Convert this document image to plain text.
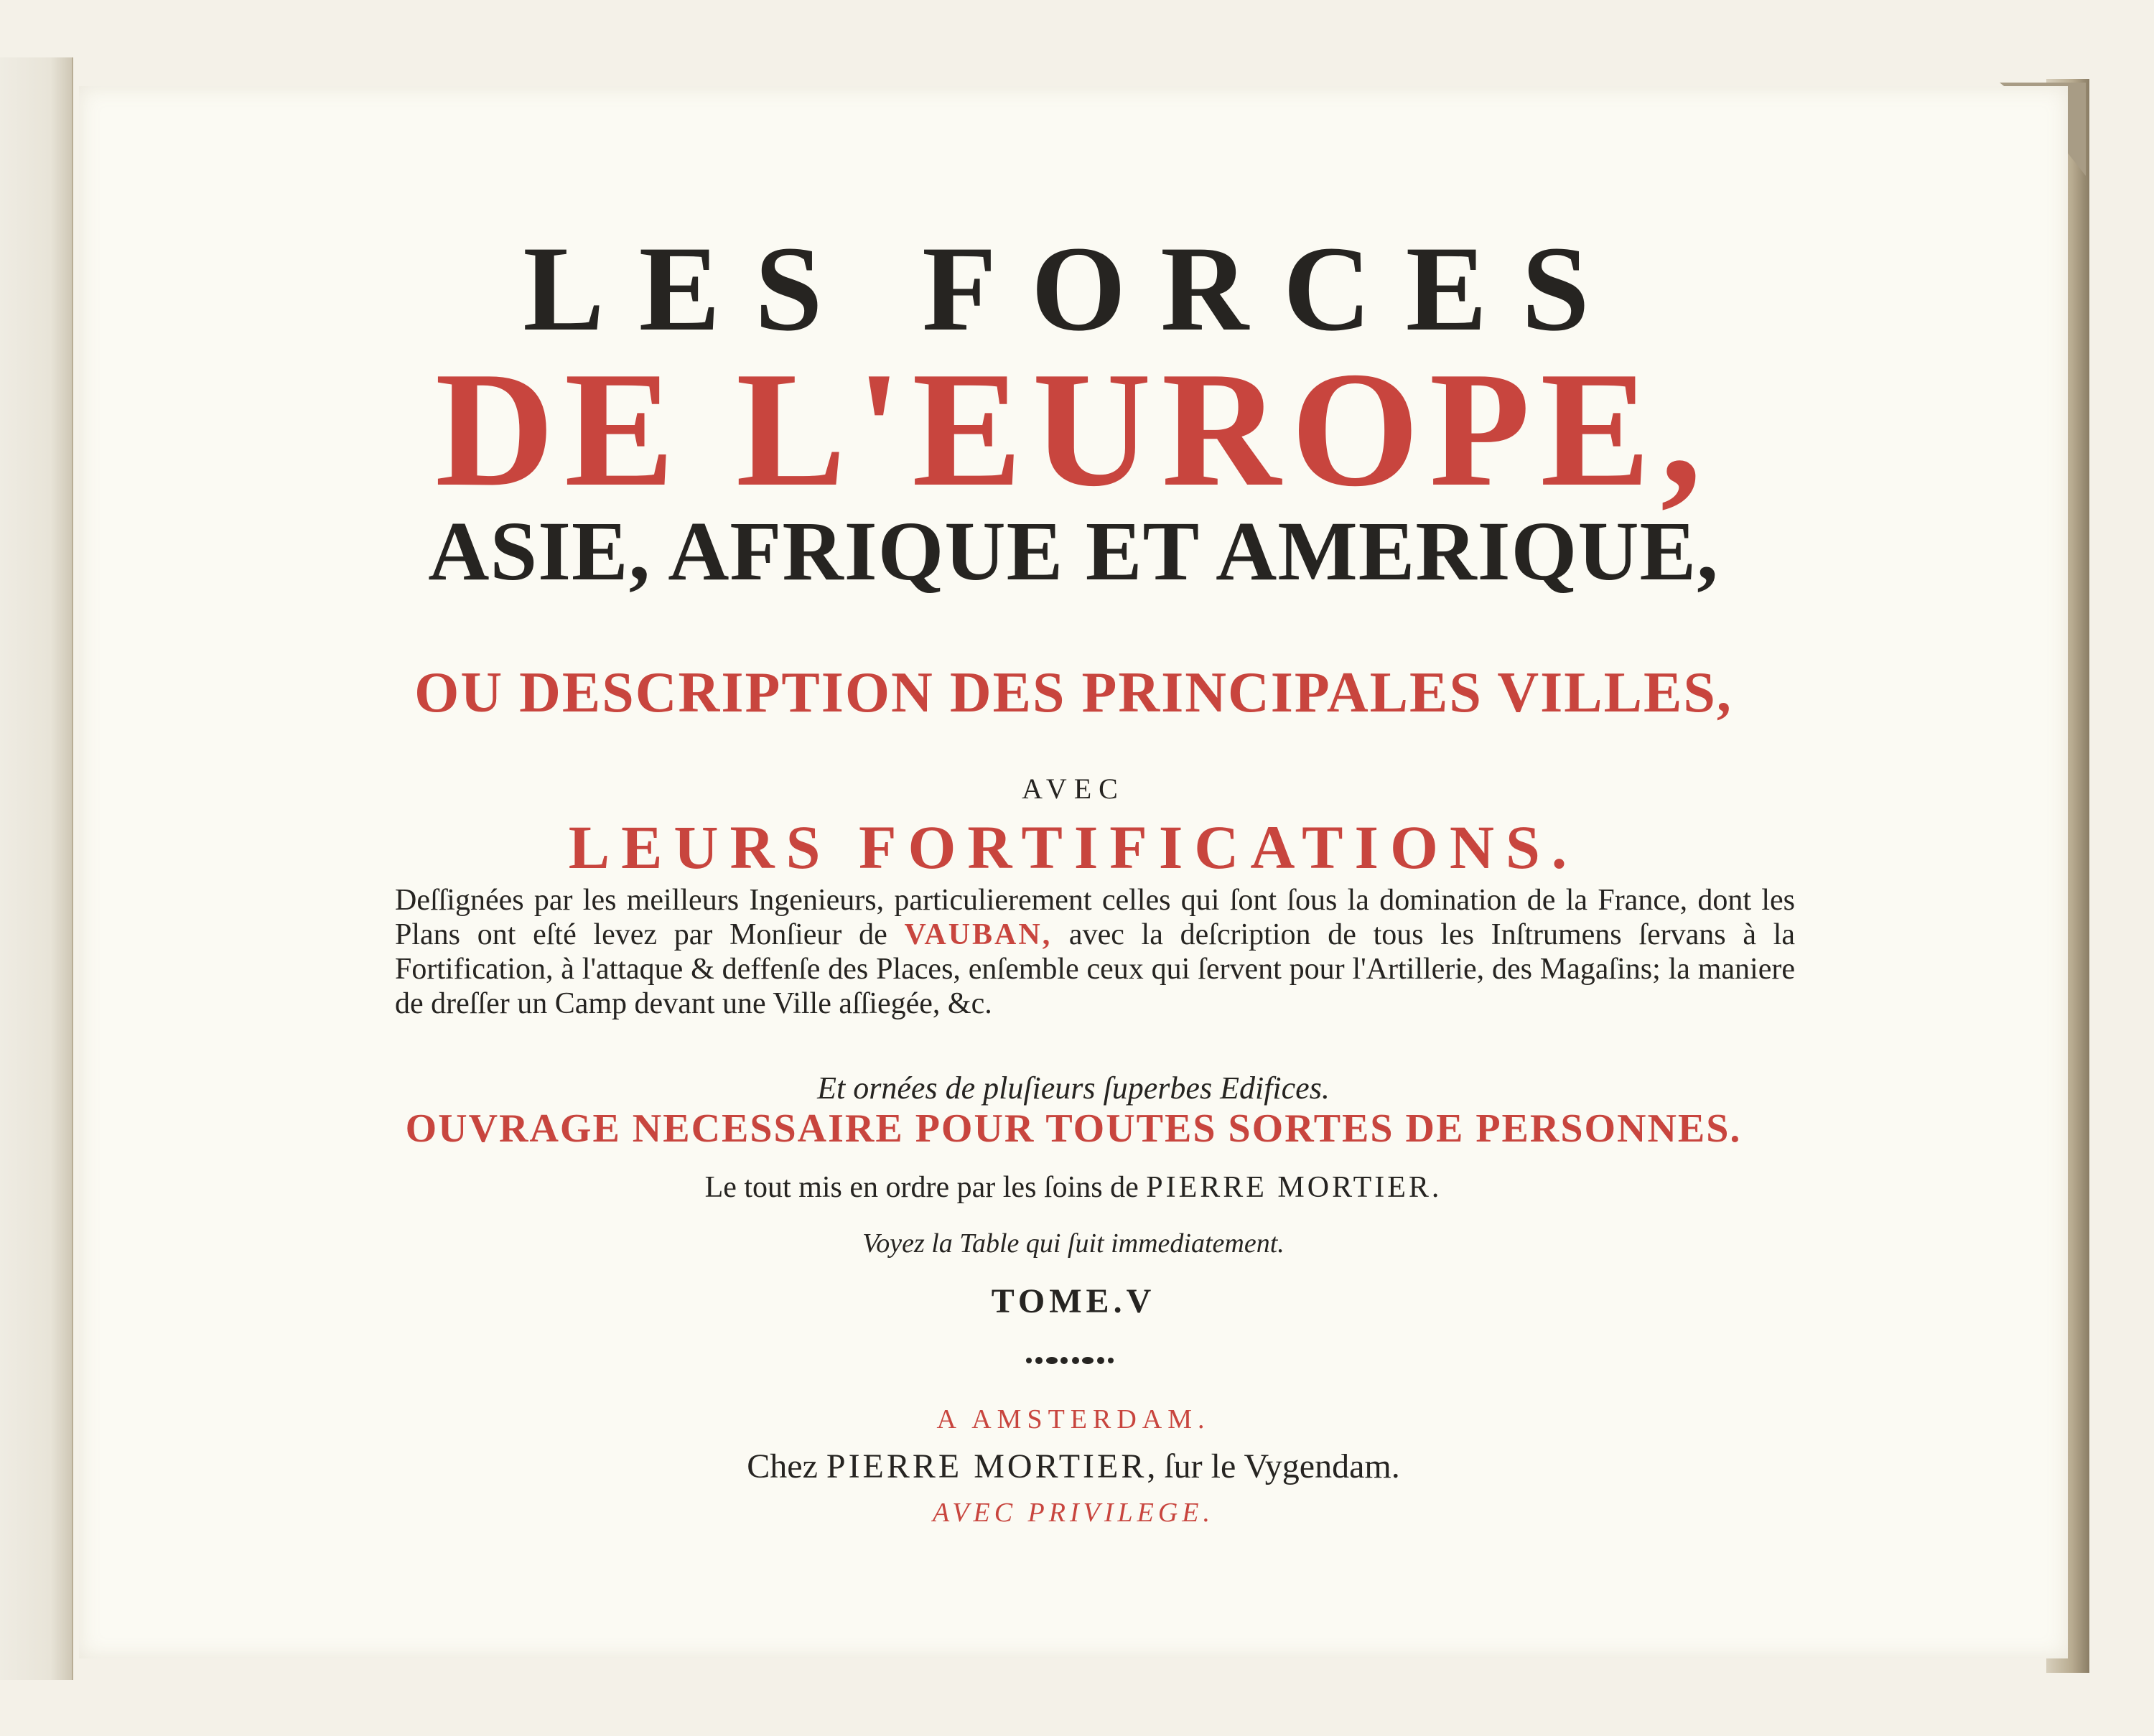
LES FORCES

DE L'EUROPE,

ASIE, AFRIQUE ET AMERIQUE,

OU DESCRIPTION DES PRINCIPALES VILLES,

AVEC

LEURS FORTIFICATIONS.

Deſſignées par les meilleurs Ingenieurs, particulierement celles qui ſont ſous la domination de la France, dont les Plans ont eſté levez par Monſieur de VAUBAN, avec la deſcription de tous les Inſtrumens ſervans à la Fortification, à l'attaque & deffenſe des Places, enſemble ceux qui ſervent pour l'Artillerie, des Magaſins; la maniere de dreſſer un Camp devant une Ville aſſiegée, &c.

Et ornées de pluſieurs ſuperbes Edifices.

OUVRAGE NECESSAIRE POUR TOUTES SORTES DE PERSONNES.

Le tout mis en ordre par les ſoins de PIERRE MORTIER.

Voyez la Table qui ſuit immediatement.

TOME.V

A AMSTERDAM.

Chez PIERRE MORTIER, ſur le Vygendam.

AVEC PRIVILEGE.
